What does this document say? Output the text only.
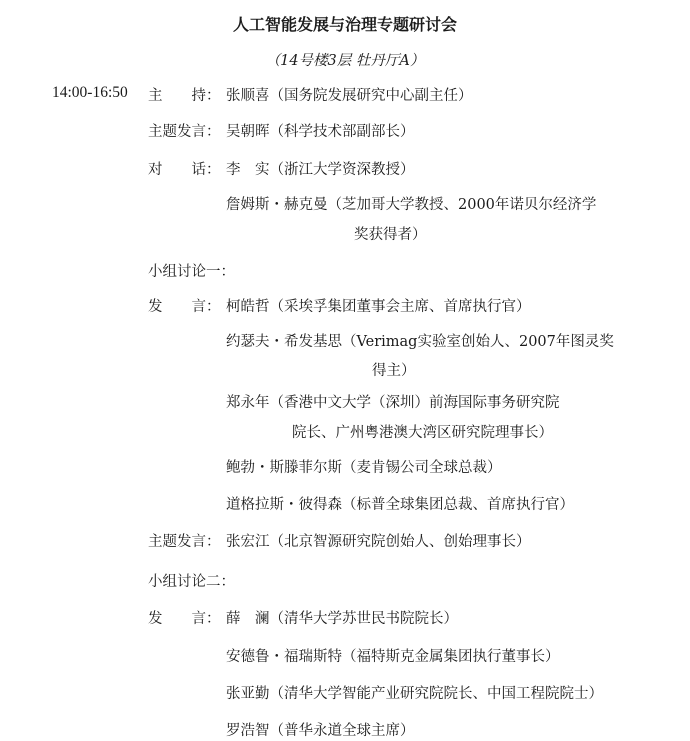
人工智能发展与治理专题研讨会
（14号楼3层 牡丹厅A）
14:00-16:50 主　　持： 张顺喜（国务院发展研究中心副主任）
主题发言： 吴朝晖（科学技术部副部长）
对　　话： 李　实（浙江大学资深教授）
詹姆斯・赫克曼（芝加哥大学教授、2000年诺贝尔经济学
奖获得者）
小组讨论一：
发　　言： 柯皓哲（采埃孚集团董事会主席、首席执行官）
约瑟夫・希发基思（Verimag实验室创始人、2007年图灵奖
得主）
郑永年（香港中文大学（深圳）前海国际事务研究院
院长、广州粤港澳大湾区研究院理事长）
鲍勃・斯滕菲尔斯（麦肯锡公司全球总裁）
道格拉斯・彼得森（标普全球集团总裁、首席执行官）
主题发言： 张宏江（北京智源研究院创始人、创始理事长）
小组讨论二：
发　　言： 薛　澜（清华大学苏世民书院院长）
安德鲁・福瑞斯特（福特斯克金属集团执行董事长）
张亚勤（清华大学智能产业研究院院长、中国工程院院士）
罗浩智（普华永道全球主席）
